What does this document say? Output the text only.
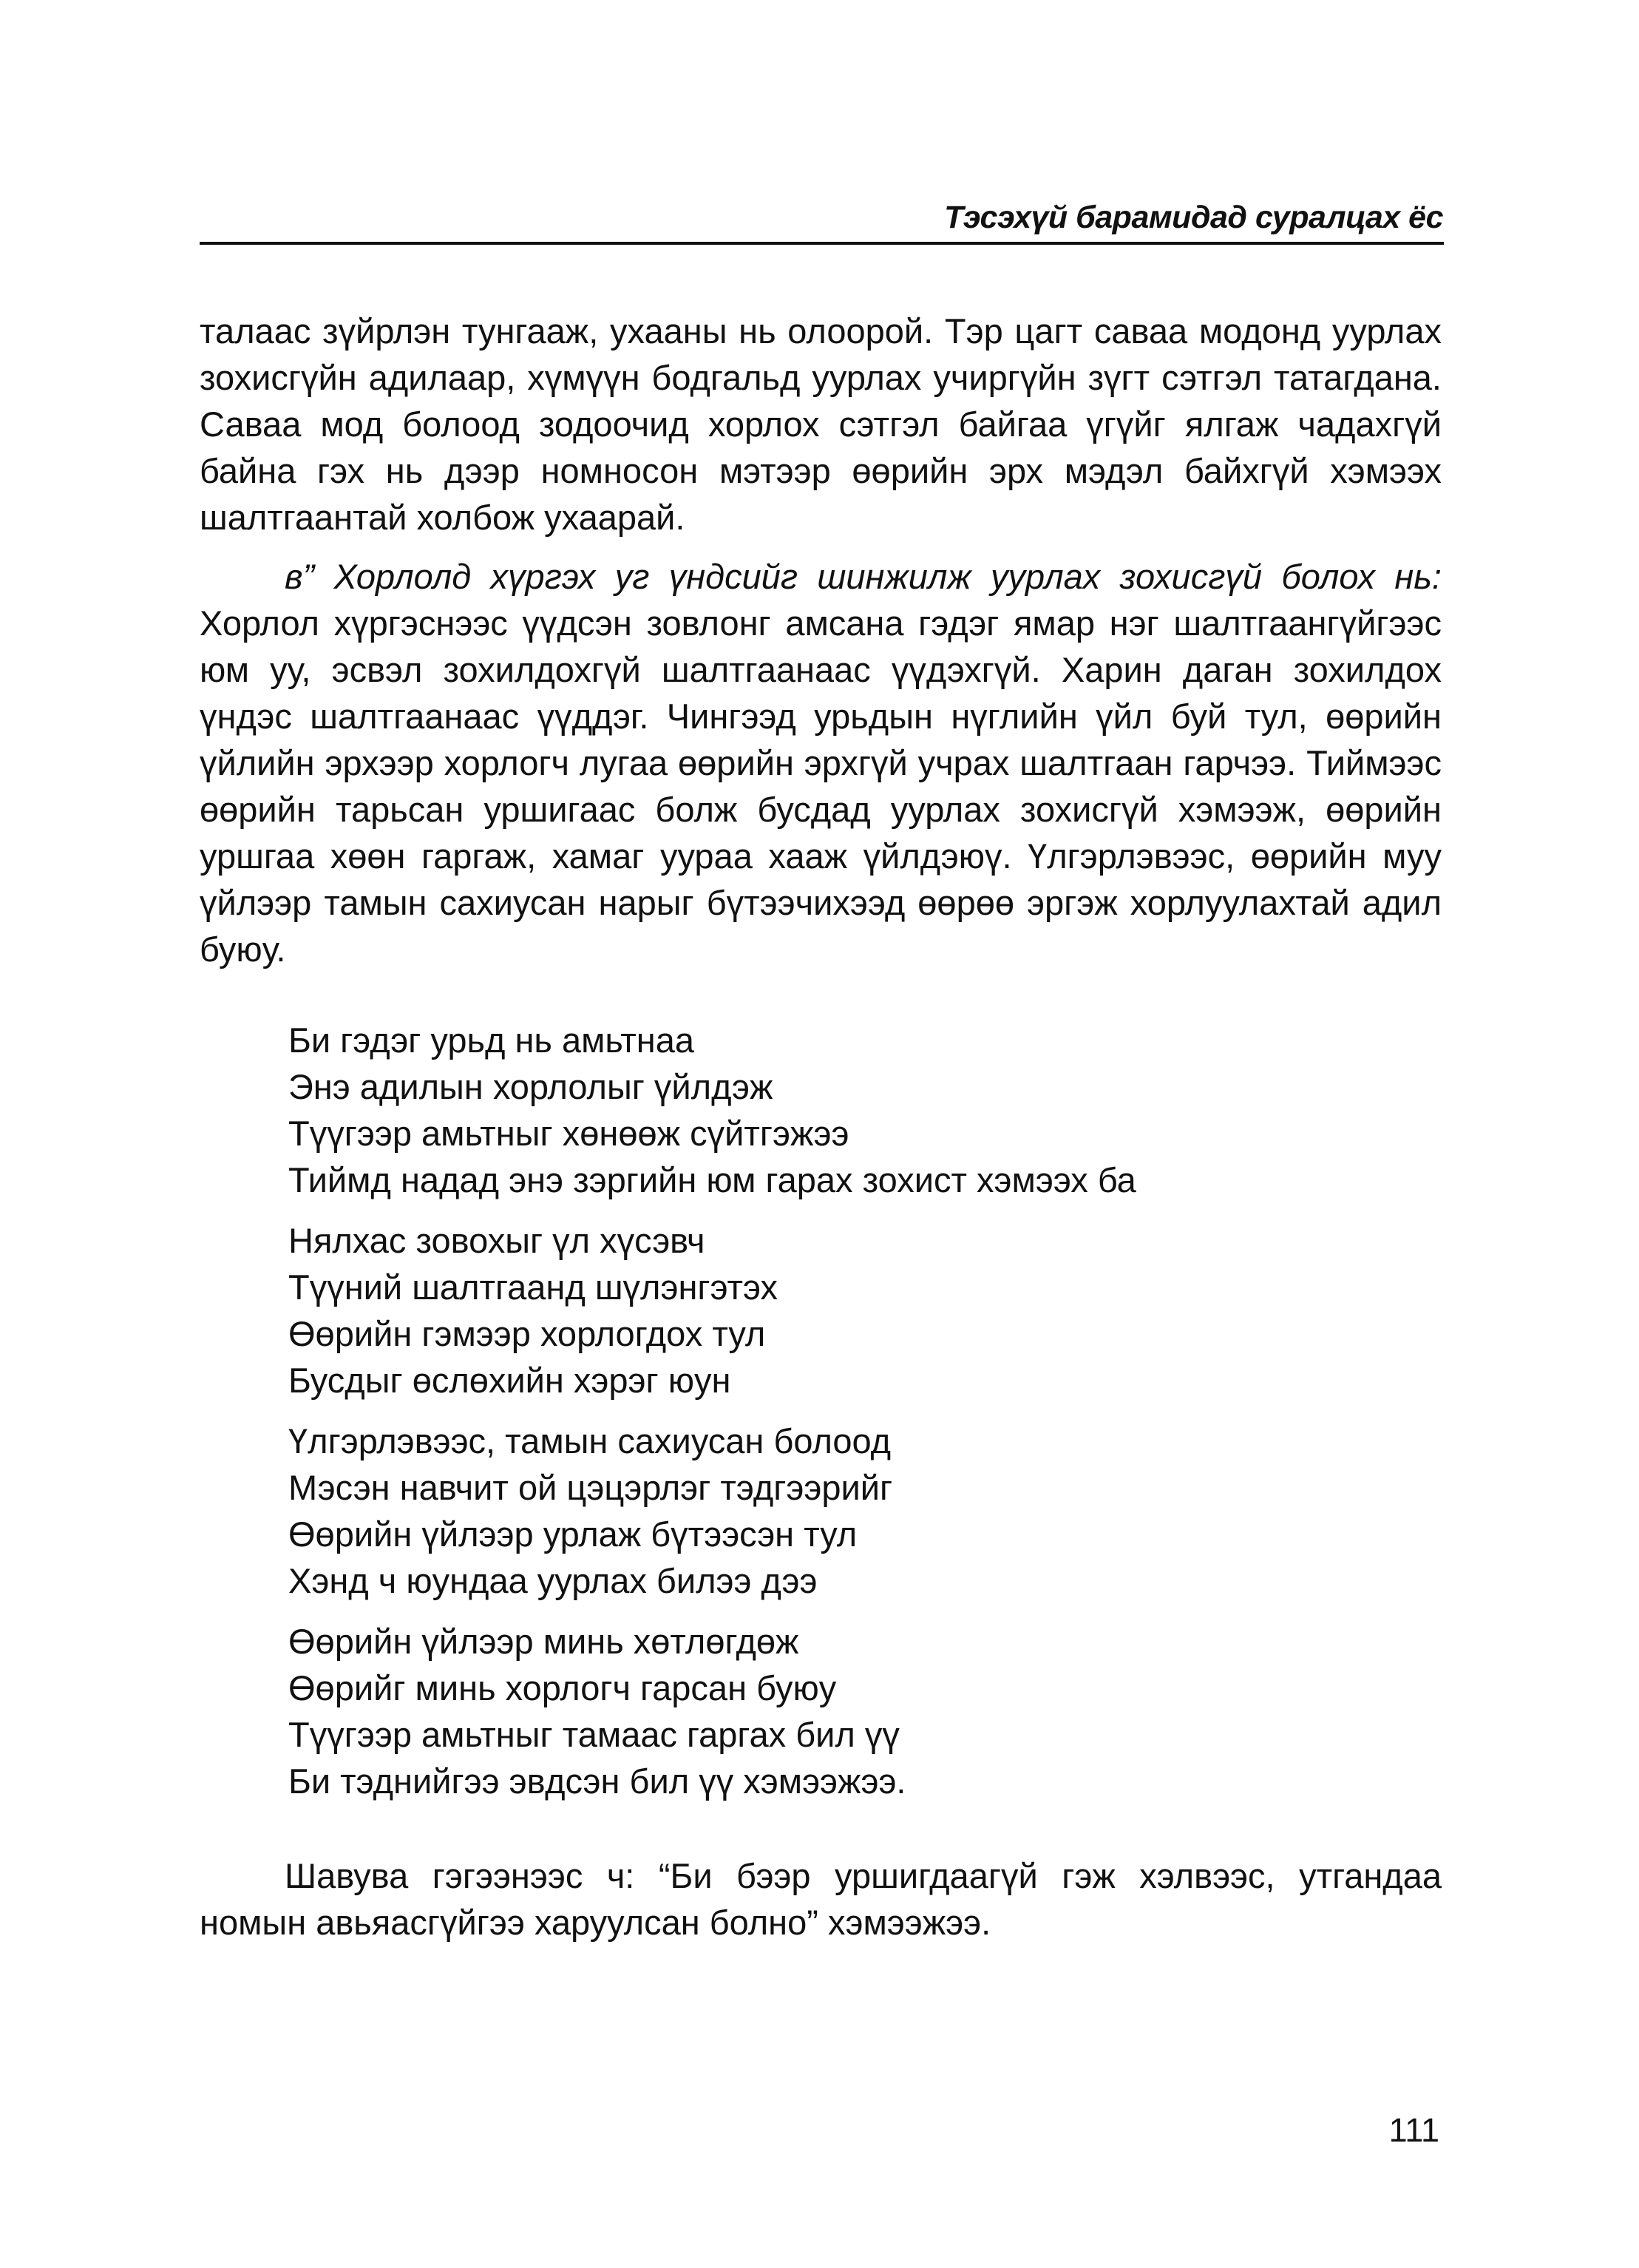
Тэсэхүй барамидад суралцах ёс
талаас зүйрлэн тунгааж, ухааны нь олоорой. Тэр цагт саваа модонд уурлах зохисгүйн адилаар, хүмүүн бодгальд уурлах учиргүйн зүгт сэтгэл татагдана. Саваа мод болоод зодоочид хорлох сэтгэл байгаа үгүйг ялгаж чадахгүй байна гэх нь дээр номносон мэтээр өөрийн эрх мэдэл байхгүй хэмээх шалтгаантай холбож ухаарай.
в” Хорлолд хүргэх уг үндсийг шинжилж уурлах зохисгүй болох нь: Хорлол хүргэснээс үүдсэн зовлонг амсана гэдэг ямар нэг шалтгаангүйгээс юм уу, эсвэл зохилдохгүй шалтгаанаас үүдэхгүй. Харин даган зохилдох үндэс шалтгаанаас үүддэг. Чингээд урьдын нүглийн үйл буй тул, өөрийн үйлийн эрхээр хорлогч лугаа өөрийн эрхгүй учрах шалтгаан гарчээ. Тиймээс өөрийн тарьсан уршигаас болж бусдад уурлах зохисгүй хэмээж, өөрийн уршгаа хөөн гаргаж, хамаг уураа хааж үйлдэюү. Үлгэрлэвээс, өөрийн муу үйлээр тамын сахиусан нарыг бүтээчихээд өөрөө эргэж хорлуулахтай адил буюу.
Би гэдэг урьд нь амьтнаа
Энэ адилын хорлолыг үйлдэж
Түүгээр амьтныг хөнөөж сүйтгэжээ
Тиймд надад энэ зэргийн юм гарах зохист хэмээх ба
Нялхас зовохыг үл хүсэвч
Түүний шалтгаанд шүлэнгэтэх
Өөрийн гэмээр хорлогдох тул
Бусдыг өслөхийн хэрэг юун
Үлгэрлэвээс, тамын сахиусан болоод
Мэсэн навчит ой цэцэрлэг тэдгээрийг
Өөрийн үйлээр урлаж бүтээсэн тул
Хэнд ч юундаа уурлах билээ дээ
Өөрийн үйлээр минь хөтлөгдөж
Өөрийг минь хорлогч гарсан буюу
Түүгээр амьтныг тамаас гаргах бил үү
Би тэднийгээ эвдсэн бил үү хэмээжээ.
Шавува гэгээнээс ч: “Би бээр уршигдаагүй гэж хэлвээс, утгандаа номын авьяасгүйгээ харуулсан болно” хэмээжээ.
111
